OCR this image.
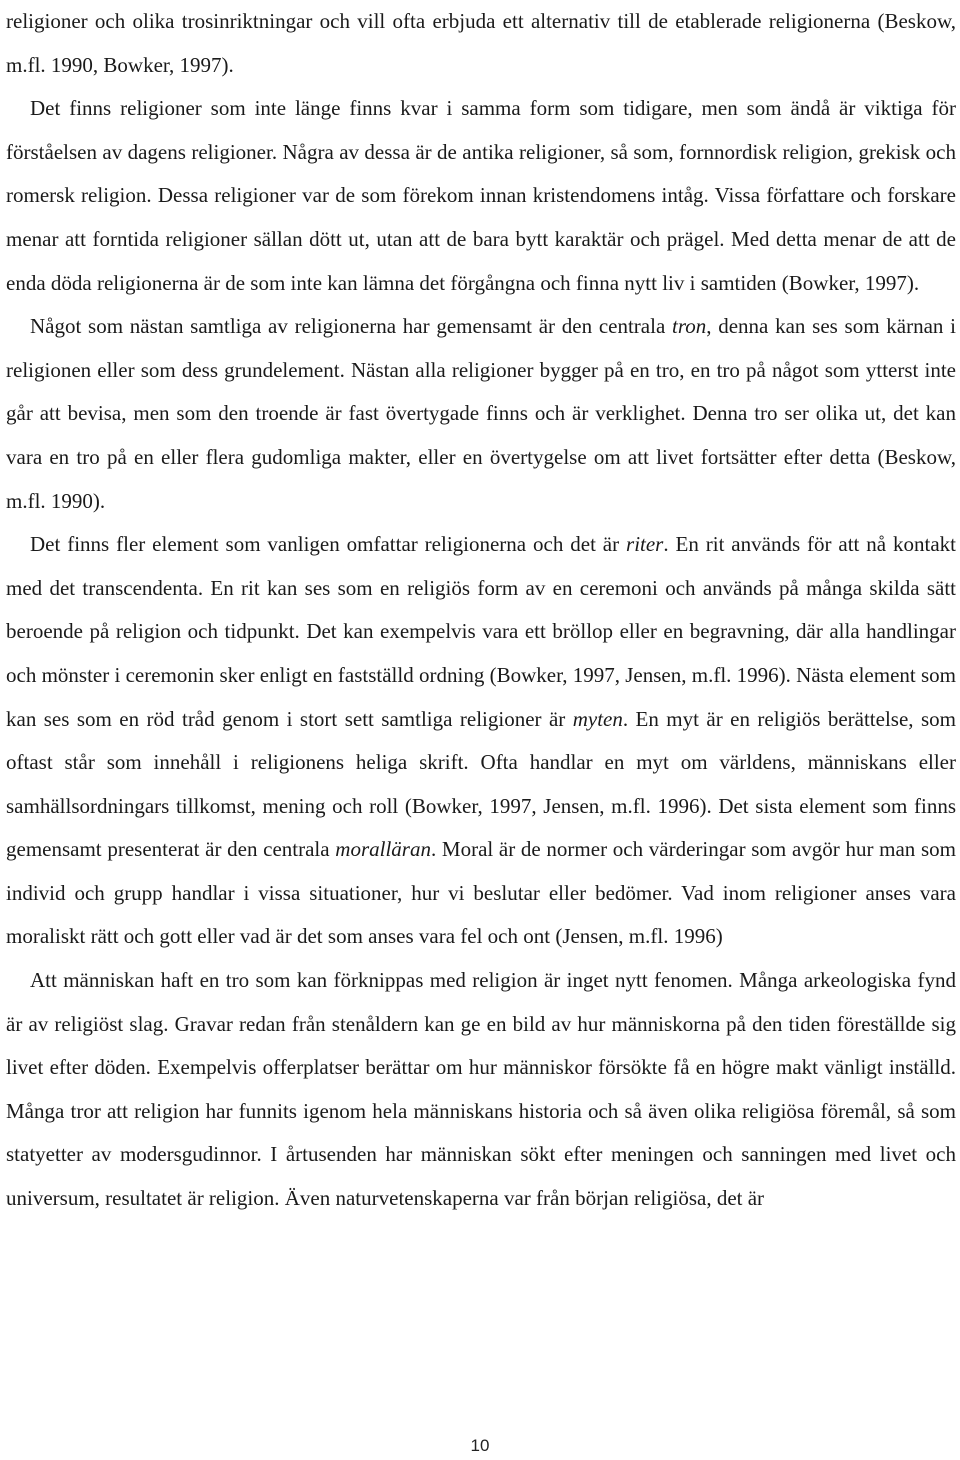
religioner och olika trosinriktningar och vill ofta erbjuda ett alternativ till de etablerade religionerna (Beskow, m.fl. 1990, Bowker, 1997).

Det finns religioner som inte länge finns kvar i samma form som tidigare, men som ändå är viktiga för förståelsen av dagens religioner. Några av dessa är de antika religioner, så som, fornnordisk religion, grekisk och romersk religion. Dessa religioner var de som förekom innan kristendomens intåg. Vissa författare och forskare menar att forntida religioner sällan dött ut, utan att de bara bytt karaktär och prägel. Med detta menar de att de enda döda religionerna är de som inte kan lämna det förgångna och finna nytt liv i samtiden (Bowker, 1997).

Något som nästan samtliga av religionerna har gemensamt är den centrala tron, denna kan ses som kärnan i religionen eller som dess grundelement. Nästan alla religioner bygger på en tro, en tro på något som ytterst inte går att bevisa, men som den troende är fast övertygade finns och är verklighet. Denna tro ser olika ut, det kan vara en tro på en eller flera gudomliga makter, eller en övertygelse om att livet fortsätter efter detta (Beskow, m.fl. 1990).

Det finns fler element som vanligen omfattar religionerna och det är riter. En rit används för att nå kontakt med det transcendenta. En rit kan ses som en religiös form av en ceremoni och används på många skilda sätt beroende på religion och tidpunkt. Det kan exempelvis vara ett bröllop eller en begravning, där alla handlingar och mönster i ceremonin sker enligt en fastställd ordning (Bowker, 1997, Jensen, m.fl. 1996). Nästa element som kan ses som en röd tråd genom i stort sett samtliga religioner är myten. En myt är en religiös berättelse, som oftast står som innehåll i religionens heliga skrift. Ofta handlar en myt om världens, människans eller samhällsordningars tillkomst, mening och roll (Bowker, 1997, Jensen, m.fl. 1996). Det sista element som finns gemensamt presenterat är den centrala moralläran. Moral är de normer och värderingar som avgör hur man som individ och grupp handlar i vissa situationer, hur vi beslutar eller bedömer. Vad inom religioner anses vara moraliskt rätt och gott eller vad är det som anses vara fel och ont (Jensen, m.fl. 1996)

Att människan haft en tro som kan förknippas med religion är inget nytt fenomen. Många arkeologiska fynd är av religiöst slag. Gravar redan från stenåldern kan ge en bild av hur människorna på den tiden föreställde sig livet efter döden. Exempelvis offerplatser berättar om hur människor försökte få en högre makt vänligt inställd. Många tror att religion har funnits igenom hela människans historia och så även olika religiösa föremål, så som statyetter av modersgudinnor. I årtusenden har människan sökt efter meningen och sanningen med livet och universum, resultatet är religion. Även naturvetenskaperna var från början religiösa, det är

10
